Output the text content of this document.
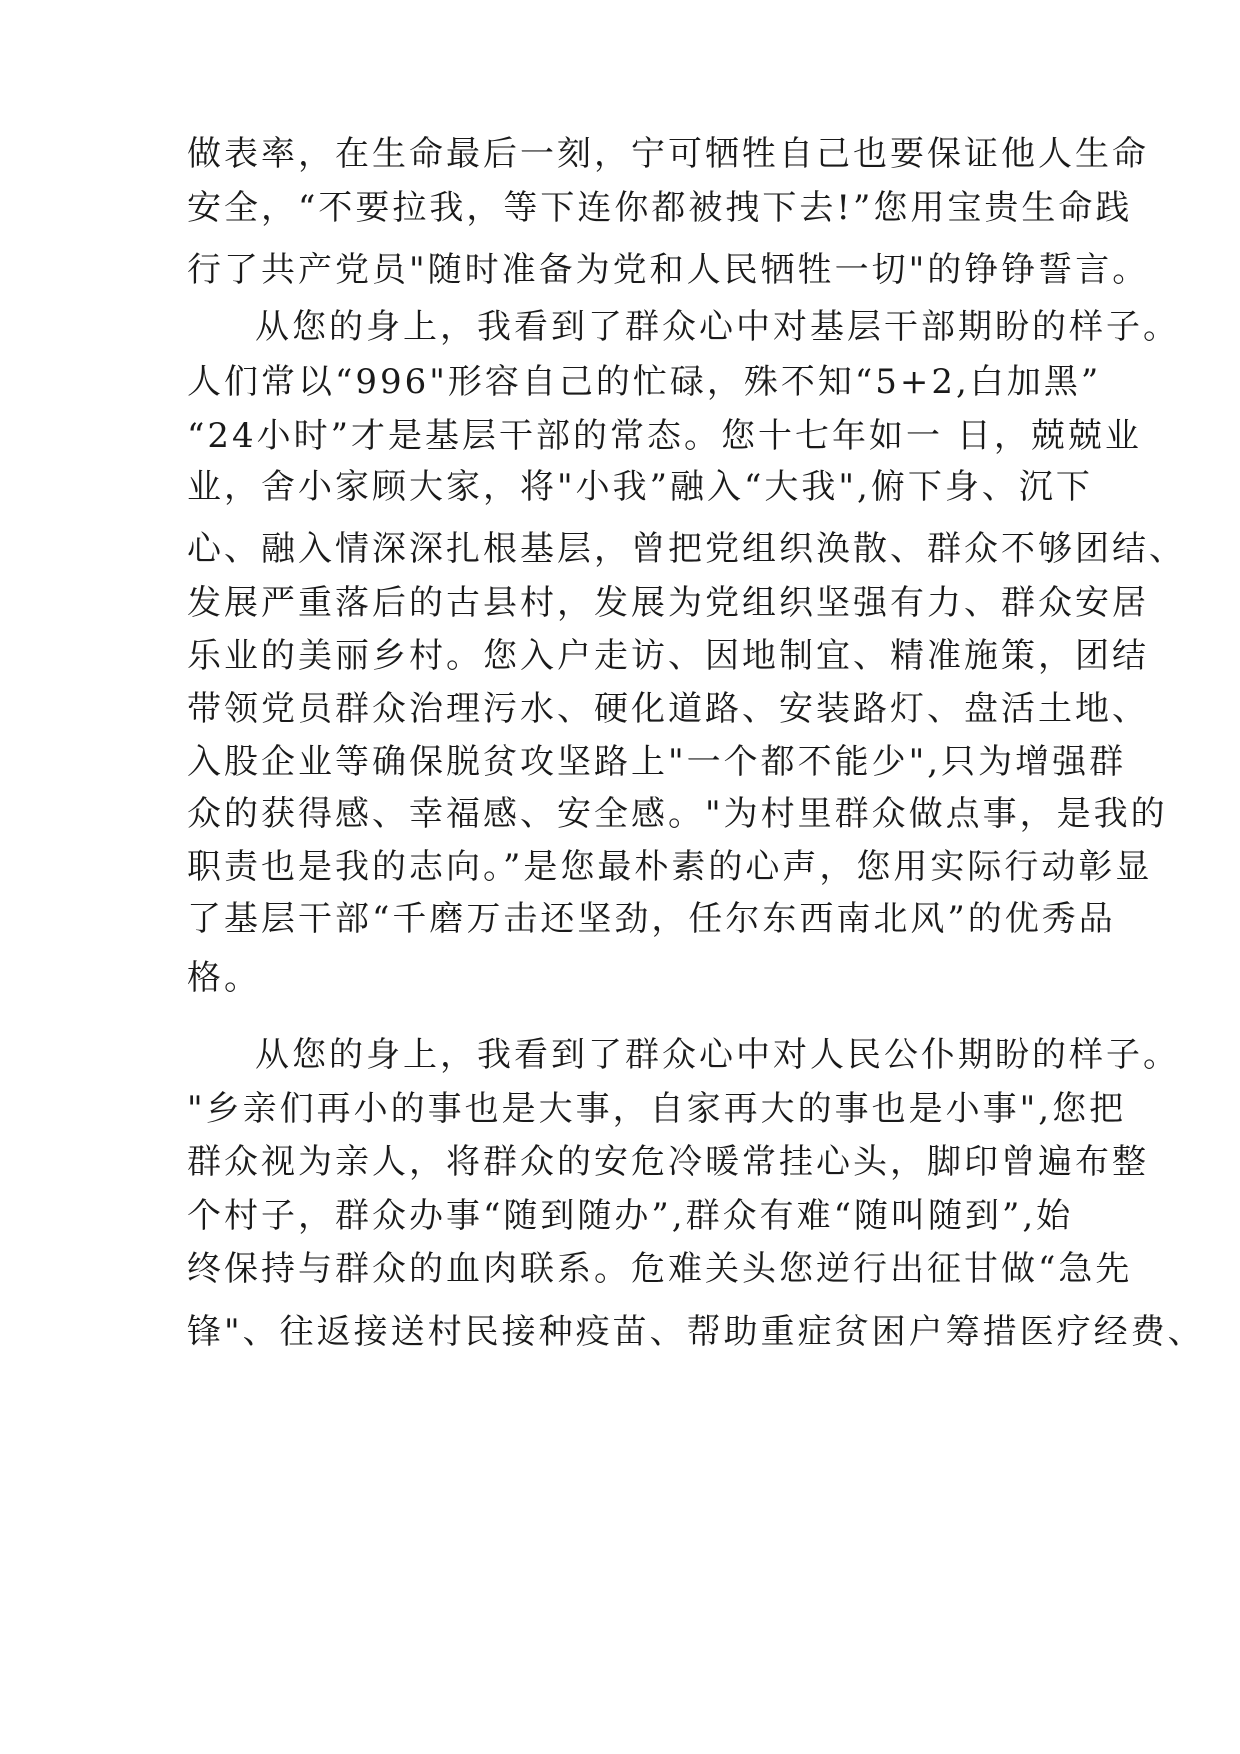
做表率，在生命最后一刻，宁可牺牲自己也要保证他人生命

安全，“不要拉我，等下连你都被拽下去!”您用宝贵生命践

行了共产党员"随时准备为党和人民牺牲一切"的铮铮誓言。

从您的身上，我看到了群众心中对基层干部期盼的样子。

人们常以“996"形容自己的忙碌，殊不知“5+2,白加黑”

“24小时”才是基层干部的常态。您十七年如一 日，兢兢业

业，舍小家顾大家，将"小我”融入“大我",俯下身、沉下

心、融入情深深扎根基层，曾把党组织涣散、群众不够团结、

发展严重落后的古县村，发展为党组织坚强有力、群众安居

乐业的美丽乡村。您入户走访、因地制宜、精准施策，团结

带领党员群众治理污水、硬化道路、安装路灯、盘活土地、

入股企业等确保脱贫攻坚路上"一个都不能少",只为增强群

众的获得感、幸福感、安全感。"为村里群众做点事，是我的

职责也是我的志向。”是您最朴素的心声，您用实际行动彰显

了基层干部“千磨万击还坚劲，任尔东西南北风”的优秀品

格。

从您的身上，我看到了群众心中对人民公仆期盼的样子。

"乡亲们再小的事也是大事，自家再大的事也是小事",您把

群众视为亲人，将群众的安危冷暖常挂心头，脚印曾遍布整

个村子，群众办事“随到随办”,群众有难“随叫随到”,始

终保持与群众的血肉联系。危难关头您逆行出征甘做“急先

锋"、往返接送村民接种疫苗、帮助重症贫困户筹措医疗经费、
